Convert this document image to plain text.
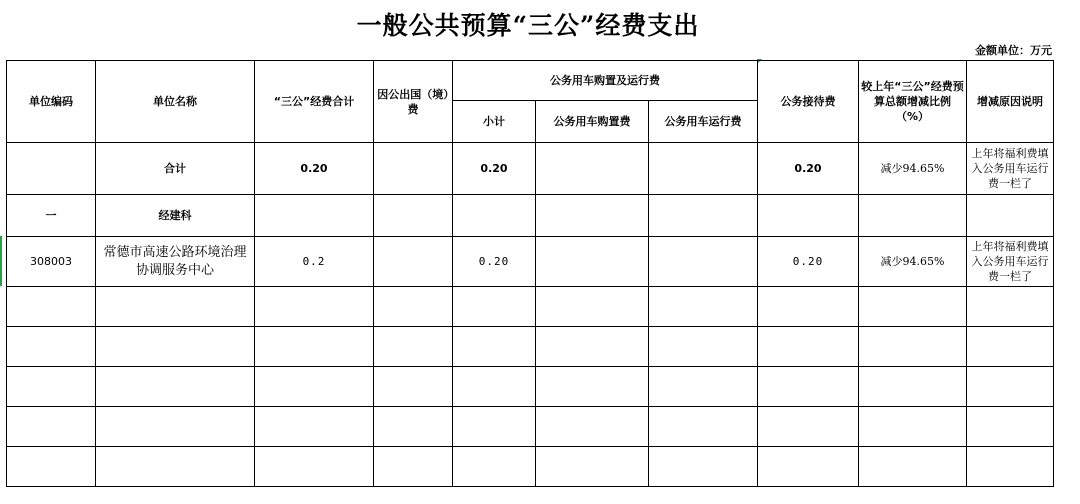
一般公共预算“三公”经费支出
金额单位：万元
单位编码	单位名称	“三公”经费合计	因公出国（境）费	公务用车购置及运行费			公务接待费	较上年“三公”经费预算总额增减比例（%）	增减原因说明
				小计	公务用车购置费	公务用车运行费			
	合计	0.20		0.20			0.20	减少94.65%	上年将福利费填入公务用车运行费一栏了
一	经建科								
308003	常德市高速公路环境治理协调服务中心	0.2		0.20			0.20	减少94.65%	上年将福利费填入公务用车运行费一栏了
